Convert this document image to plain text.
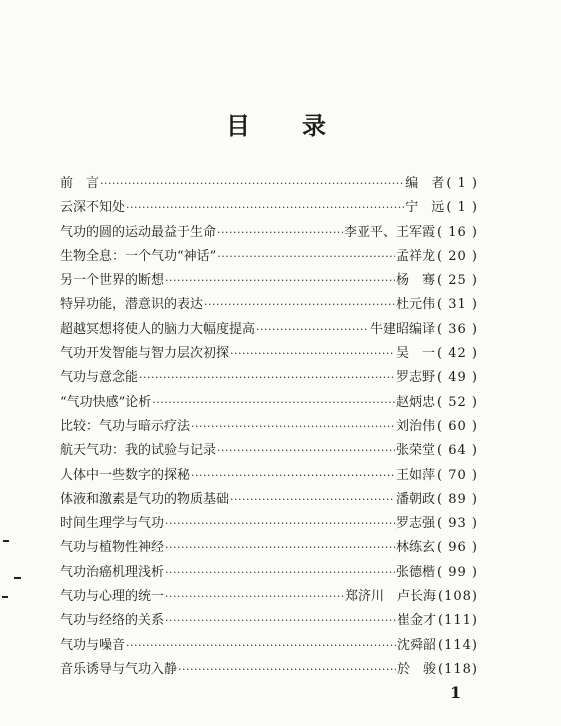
目 录
前　言 ·····	编　者 ( 1 )
云深不知处 ·····	宁　远 ( 1 )
气功的圆的运动最益于生命 ·····	李亚平、王军霞 ( 16 )
生物全息：一个气功“神话” ·····	孟祥龙 ( 20 )
另一个世界的断想 ·····	杨　骞 ( 25 )
特异功能，潜意识的表达 ·····	杜元伟 ( 31 )
超越冥想将使人的脑力大幅度提高 ·····	牛建昭编译 ( 36 )
气功开发智能与智力层次初探 ·····	吴　一 ( 42 )
气功与意念能 ·····	罗志野 ( 49 )
“气功快感”论析 ·····	赵炳忠 ( 52 )
比较：气功与暗示疗法 ·····	刘治伟 ( 60 )
航天气功：我的试验与记录 ·····	张荣堂 ( 64 )
人体中一些数字的探秘 ·····	王如萍 ( 70 )
体液和激素是气功的物质基础 ·····	潘朝政 ( 89 )
时间生理学与气功 ·····	罗志强 ( 93 )
气功与植物性神经 ·····	林练玄 ( 96 )
气功治癌机理浅析 ·····	张德楷 ( 99 )
气功与心理的统一 ·····	郑济川　卢长海 (108)
气功与经络的关系 ·····	崔金才 (111)
气功与噪音 ·····	沈舜韶 (114)
音乐诱导与气功入静 ·····	於　骏 (118)
1
